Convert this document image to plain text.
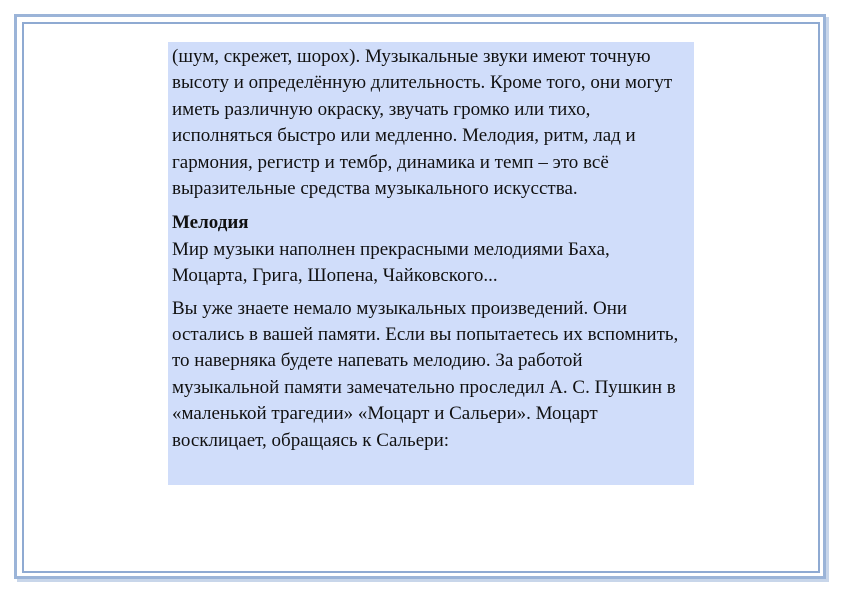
(шум, скрежет, шорох). Музыкальные звуки имеют точную высоту и определённую длительность. Кроме того, они могут иметь различную окраску, звучать громко или тихо, исполняться быстро или медленно. Мелодия, ритм, лад и гармония, регистр и тембр, динамика и темп – это всё выразительные средства музыкального искусства.

Мелодия

Мир музыки наполнен прекрасными мелодиями Баха, Моцарта, Грига, Шопена, Чайковского...

Вы уже знаете немало музыкальных произведений. Они остались в вашей памяти. Если вы попытаетесь их вспомнить, то наверняка будете напевать мелодию. За работой музыкальной памяти замечательно проследил А. С. Пушкин в «маленькой трагедии» «Моцарт и Сальери». Моцарт восклицает, обращаясь к Сальери:
